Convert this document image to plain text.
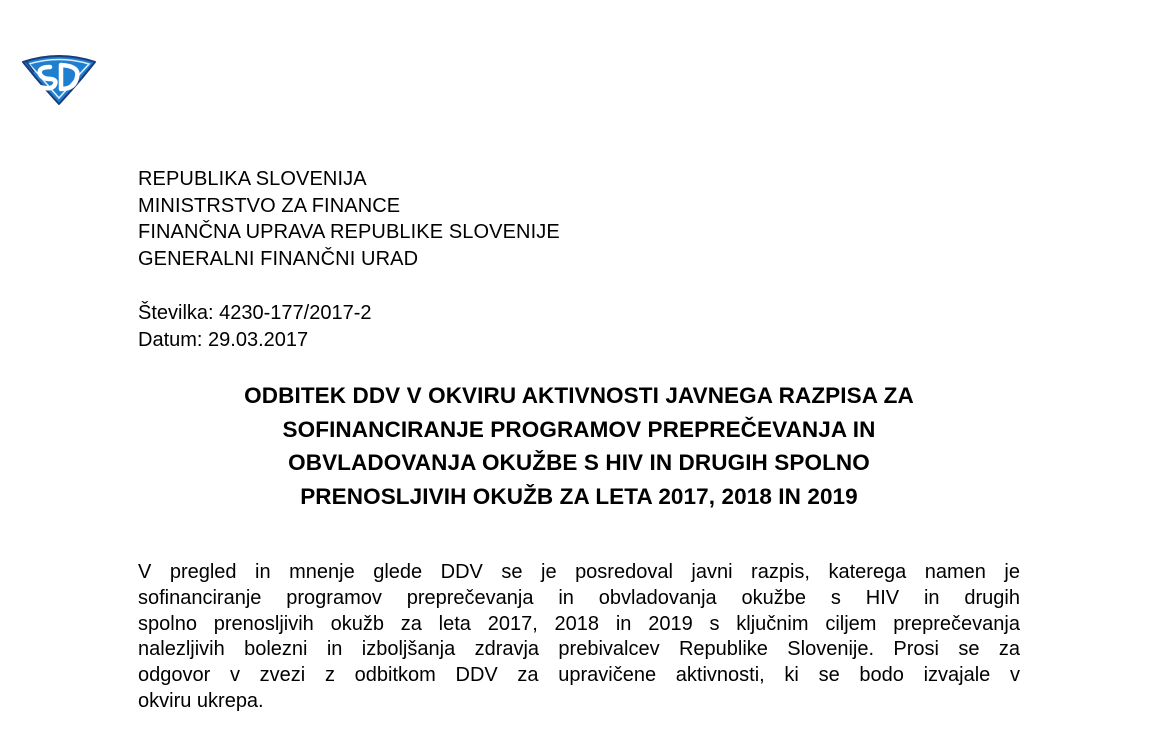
REPUBLIKA SLOVENIJA
MINISTRSTVO ZA FINANCE
FINANČNA UPRAVA REPUBLIKE SLOVENIJE
GENERALNI FINANČNI URAD
Številka: 4230-177/2017-2
Datum: 29.03.2017
ODBITEK DDV V OKVIRU AKTIVNOSTI JAVNEGA RAZPISA ZA
SOFINANCIRANJE PROGRAMOV PREPREČEVANJA IN
OBVLADOVANJA OKUŽBE S HIV IN DRUGIH SPOLNO
PRENOSLJIVIH OKUŽB ZA LETA 2017, 2018 IN 2019
V pregled in mnenje glede DDV se je posredoval javni razpis, katerega namen je
sofinanciranje programov preprečevanja in obvladovanja okužbe s HIV in drugih
spolno prenosljivih okužb za leta 2017, 2018 in 2019 s ključnim ciljem preprečevanja
nalezljivih bolezni in izboljšanja zdravja prebivalcev Republike Slovenije. Prosi se za
odgovor v zvezi z odbitkom DDV za upravičene aktivnosti, ki se bodo izvajale v
okviru ukrepa.
